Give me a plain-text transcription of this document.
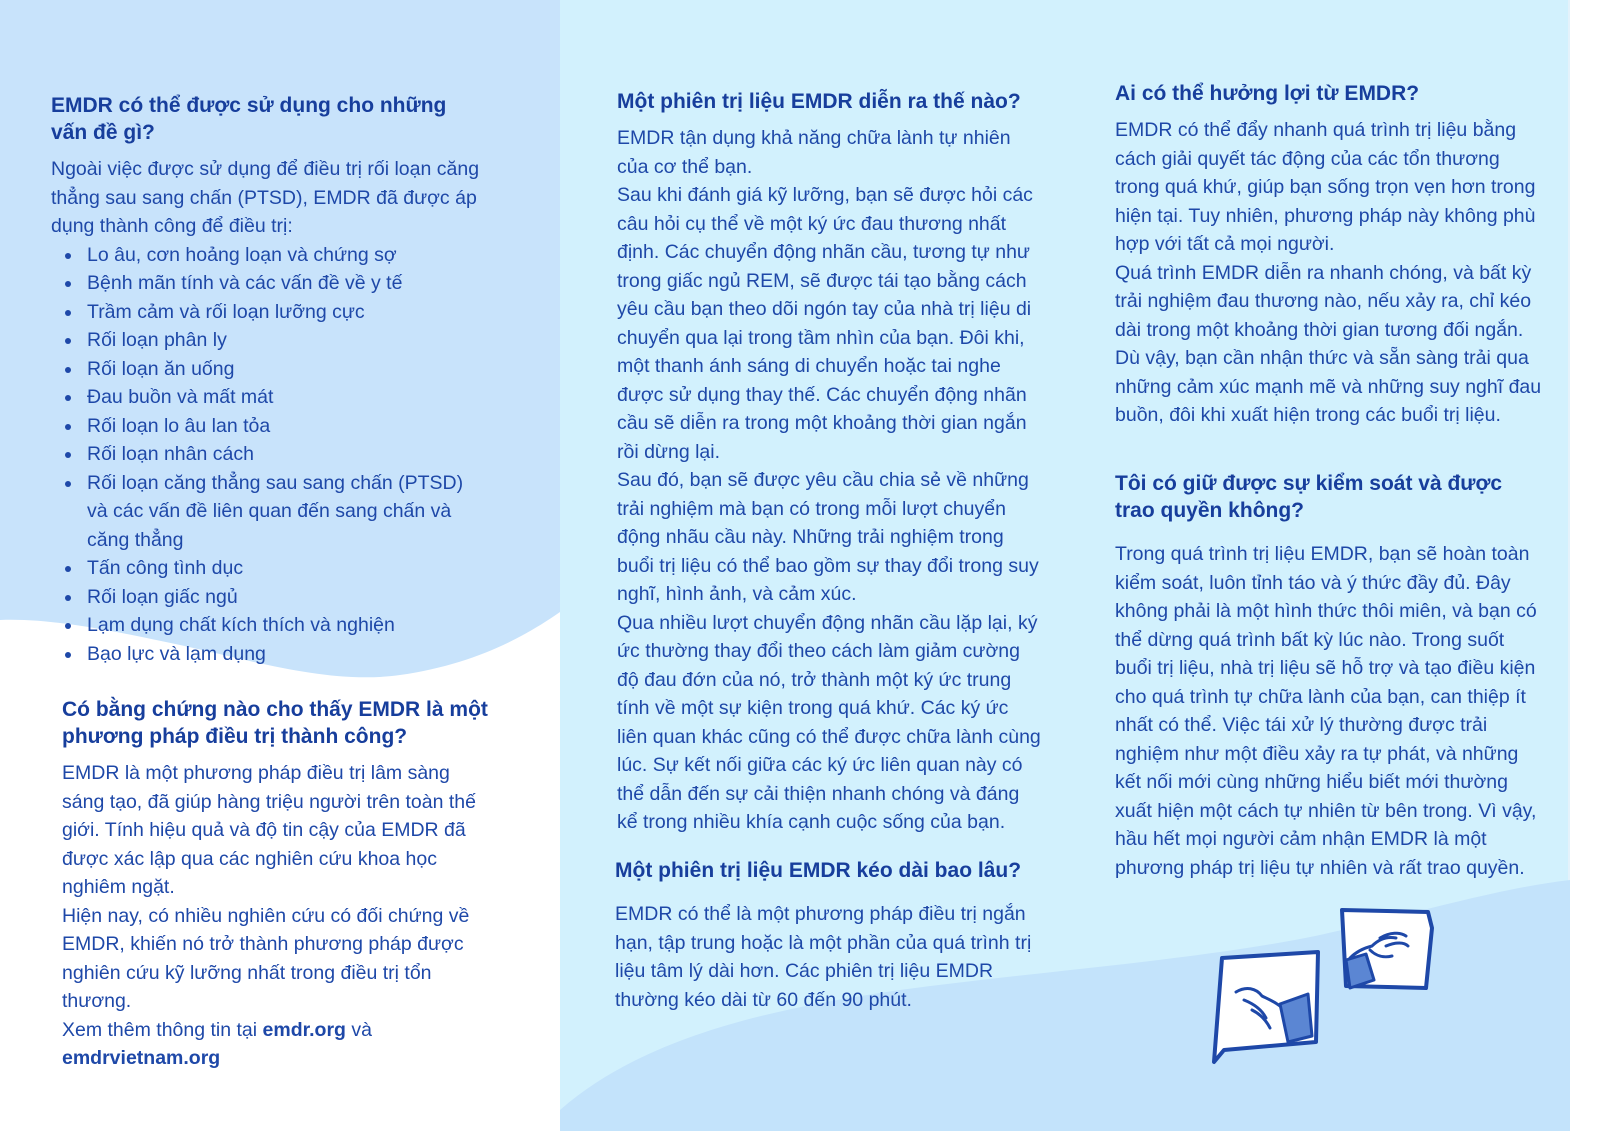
EMDR có thể được sử dụng cho những vấn đề gì?

Ngoài việc được sử dụng để điều trị rối loạn căng thẳng sau sang chấn (PTSD), EMDR đã được áp dụng thành công để điều trị:

Lo âu, cơn hoảng loạn và chứng sợ
Bệnh mãn tính và các vấn đề về y tế
Trầm cảm và rối loạn lưỡng cực
Rối loạn phân ly
Rối loạn ăn uống
Đau buồn và mất mát
Rối loạn lo âu lan tỏa
Rối loạn nhân cách
Rối loạn căng thẳng sau sang chấn (PTSD) và các vấn đề liên quan đến sang chấn và căng thẳng
Tấn công tình dục
Rối loạn giấc ngủ
Lạm dụng chất kích thích và nghiện
Bạo lực và lạm dụng
Có bằng chứng nào cho thấy EMDR là một phương pháp điều trị thành công?

EMDR là một phương pháp điều trị lâm sàng sáng tạo, đã giúp hàng triệu người trên toàn thế giới. Tính hiệu quả và độ tin cậy của EMDR đã được xác lập qua các nghiên cứu khoa học nghiêm ngặt.

Hiện nay, có nhiều nghiên cứu có đối chứng về EMDR, khiến nó trở thành phương pháp được nghiên cứu kỹ lưỡng nhất trong điều trị tổn thương.

Xem thêm thông tin tại emdr.org và
emdrvietnam.org

Một phiên trị liệu EMDR diễn ra thế nào?

EMDR tận dụng khả năng chữa lành tự nhiên của cơ thể bạn.

Sau khi đánh giá kỹ lưỡng, bạn sẽ được hỏi các câu hỏi cụ thể về một ký ức đau thương nhất định. Các chuyển động nhãn cầu, tương tự như trong giấc ngủ REM, sẽ được tái tạo bằng cách yêu cầu bạn theo dõi ngón tay của nhà trị liệu di chuyển qua lại trong tầm nhìn của bạn. Đôi khi, một thanh ánh sáng di chuyển hoặc tai nghe được sử dụng thay thế. Các chuyển động nhãn cầu sẽ diễn ra trong một khoảng thời gian ngắn rồi dừng lại.

Sau đó, bạn sẽ được yêu cầu chia sẻ về những trải nghiệm mà bạn có trong mỗi lượt chuyển động nhãu cầu này. Những trải nghiệm trong buổi trị liệu có thể bao gồm sự thay đổi trong suy nghĩ, hình ảnh, và cảm xúc.

Qua nhiều lượt chuyển động nhãn cầu lặp lại, ký ức thường thay đổi theo cách làm giảm cường độ đau đớn của nó, trở thành một ký ức trung tính về một sự kiện trong quá khứ. Các ký ức liên quan khác cũng có thể được chữa lành cùng lúc. Sự kết nối giữa các ký ức liên quan này có thể dẫn đến sự cải thiện nhanh chóng và đáng kể trong nhiều khía cạnh cuộc sống của bạn.

Một phiên trị liệu EMDR kéo dài bao lâu?

EMDR có thể là một phương pháp điều trị ngắn hạn, tập trung hoặc là một phần của quá trình trị liệu tâm lý dài hơn. Các phiên trị liệu EMDR thường kéo dài từ 60 đến 90 phút.

Ai có thể hưởng lợi từ EMDR?

EMDR có thể đẩy nhanh quá trình trị liệu bằng cách giải quyết tác động của các tổn thương trong quá khứ, giúp bạn sống trọn vẹn hơn trong hiện tại. Tuy nhiên, phương pháp này không phù hợp với tất cả mọi người.

Quá trình EMDR diễn ra nhanh chóng, và bất kỳ trải nghiệm đau thương nào, nếu xảy ra, chỉ kéo dài trong một khoảng thời gian tương đối ngắn. Dù vậy, bạn cần nhận thức và sẵn sàng trải qua những cảm xúc mạnh mẽ và những suy nghĩ đau buồn, đôi khi xuất hiện trong các buổi trị liệu.

Tôi có giữ được sự kiểm soát và được trao quyền không?

Trong quá trình trị liệu EMDR, bạn sẽ hoàn toàn kiểm soát, luôn tỉnh táo và ý thức đầy đủ. Đây không phải là một hình thức thôi miên, và bạn có thể dừng quá trình bất kỳ lúc nào. Trong suốt buổi trị liệu, nhà trị liệu sẽ hỗ trợ và tạo điều kiện cho quá trình tự chữa lành của bạn, can thiệp ít nhất có thể. Việc tái xử lý thường được trải nghiệm như một điều xảy ra tự phát, và những kết nối mới cùng những hiểu biết mới thường xuất hiện một cách tự nhiên từ bên trong. Vì vậy, hầu hết mọi người cảm nhận EMDR là một phương pháp trị liệu tự nhiên và rất trao quyền.
